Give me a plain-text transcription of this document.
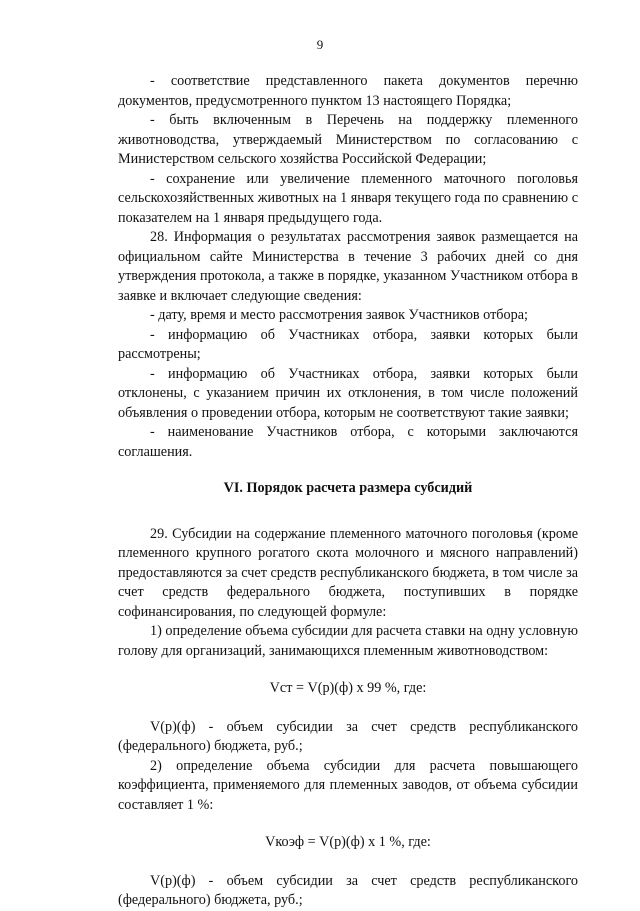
9

- соответствие представленного пакета документов перечню документов, предусмотренного пунктом 13 настоящего Порядка;

- быть включенным в Перечень на поддержку племенного животноводства, утверждаемый Министерством по согласованию с Министерством сельского хозяйства Российской Федерации;

- сохранение или увеличение племенного маточного поголовья сельскохозяйственных животных на 1 января текущего года по сравнению с показателем на 1 января предыдущего года.

28. Информация о результатах рассмотрения заявок размещается на официальном сайте Министерства в течение 3 рабочих дней со дня утверждения протокола, а также в порядке, указанном Участником отбора в заявке и включает следующие сведения:

- дату, время и место рассмотрения заявок Участников отбора;

- информацию об Участниках отбора, заявки которых были рассмотрены;

- информацию об Участниках отбора, заявки которых были отклонены, с указанием причин их отклонения, в том числе положений объявления о проведении отбора, которым не соответствуют такие заявки;

- наименование Участников отбора, с которыми заключаются соглашения.

VI. Порядок расчета размера субсидий

29. Субсидии на содержание племенного маточного поголовья (кроме племенного крупного рогатого скота молочного и мясного направлений) предоставляются за счет средств республиканского бюджета, в том числе за счет средств федерального бюджета, поступивших в порядке софинансирования, по следующей формуле:

1) определение объема субсидии для расчета ставки на одну условную голову для организаций, занимающихся племенным животноводством:

Vст = V(р)(ф) х 99 %, где:

V(р)(ф) - объем субсидии за счет средств республиканского (федерального) бюджета, руб.;

2) определение объема субсидии для расчета повышающего коэффициента, применяемого для племенных заводов, от объема субсидии составляет 1 %:

Vкоэф = V(р)(ф) х 1 %, где:

V(р)(ф) - объем субсидии за счет средств республиканского (федерального) бюджета, руб.;
